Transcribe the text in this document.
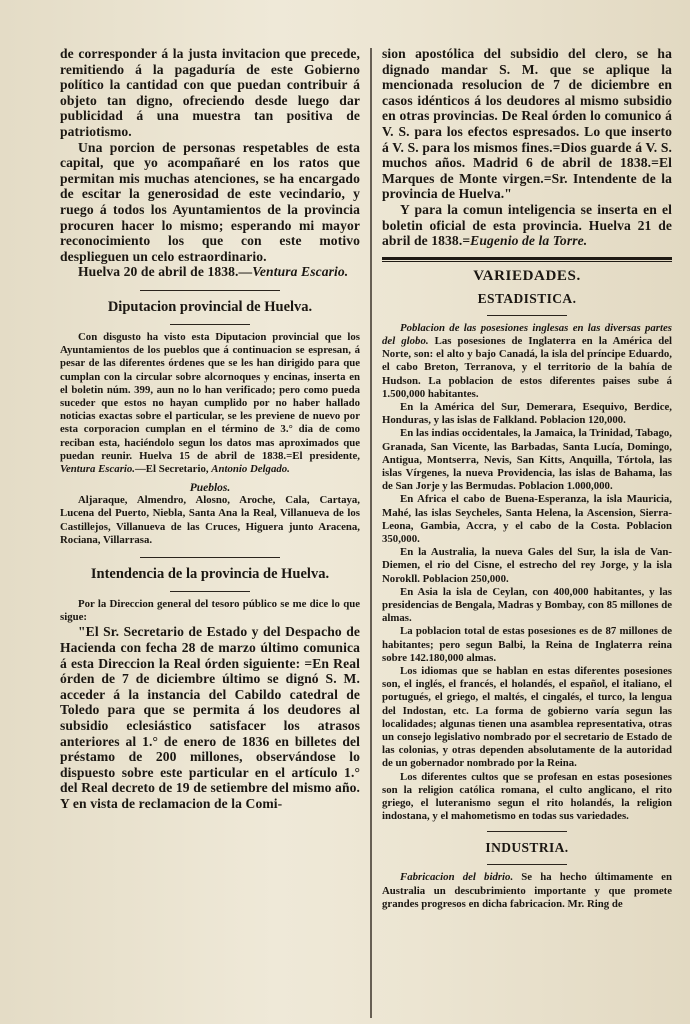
de corresponder á la justa invitacion que precede, remitiendo á la pagaduría de este Gobierno político la cantidad con que puedan contribuir á objeto tan digno, ofreciendo desde luego dar publicidad á una muestra tan positiva de patriotismo.

Una porcion de personas respetables de esta capital, que yo acompañaré en los ratos que permitan mis muchas atenciones, se ha encargado de escitar la generosidad de este vecindario, y ruego á todos los Ayuntamientos de la provincia procuren hacer lo mismo; esperando mi mayor reconocimiento los que con este motivo desplieguen un celo estraordinario.

Huelva 20 de abril de 1838.—Ventura Escario.

Diputacion provincial de Huelva.

Con disgusto ha visto esta Diputacion provincial que los Ayuntamientos de los pueblos que á continuacion se espresan, á pesar de las diferentes órdenes que se les han dirigido para que cumplan con la circular sobre alcornoques y encinas, inserta en el boletin núm. 399, aun no lo han verificado; pero como pueda suceder que estos no hayan cumplido por no haber hallado noticias exactas sobre el particular, se les previene de nuevo por esta corporacion cumplan en el término de 3.° dia de como reciban esta, haciéndolo segun los datos mas aproximados que puedan reunir. Huelva 15 de abril de 1838.=El presidente, Ventura Escario.—El Secretario, Antonio Delgado.

Pueblos.

Aljaraque, Almendro, Alosno, Aroche, Cala, Cartaya, Lucena del Puerto, Niebla, Santa Ana la Real, Villanueva de los Castillejos, Villanueva de las Cruces, Higuera junto Aracena, Rociana, Villarrasa.

Intendencia de la provincia de Huelva.

Por la Direccion general del tesoro público se me dice lo que sigue:

"El Sr. Secretario de Estado y del Despacho de Hacienda con fecha 28 de marzo último comunica á esta Direccion la Real órden siguiente: =En Real órden de 7 de diciembre último se dignó S. M. acceder á la instancia del Cabildo catedral de Toledo para que se permita á los deudores al subsidio eclesiástico satisfacer los atrasos anteriores al 1.° de enero de 1836 en billetes del préstamo de 200 millones, observándose lo dispuesto sobre este particular en el artículo 1.° del Real decreto de 19 de setiembre del mismo año. Y en vista de reclamacion de la Comi-

sion apostólica del subsidio del clero, se ha dignado mandar S. M. que se aplique la mencionada resolucion de 7 de diciembre en casos idénticos á los deudores al mismo subsidio en otras provincias. De Real órden lo comunico á V. S. para los efectos espresados. Lo que inserto á V. S. para los mismos fines.=Dios guarde á V. S. muchos años. Madrid 6 de abril de 1838.=El Marques de Monte virgen.=Sr. Intendente de la provincia de Huelva."

Y para la comun inteligencia se inserta en el boletin oficial de esta provincia. Huelva 21 de abril de 1838.=Eugenio de la Torre.

VARIEDADES.

ESTADISTICA.

Poblacion de las posesiones inglesas en las diversas partes del globo. Las posesiones de Inglaterra en la América del Norte, son: el alto y bajo Canadá, la isla del príncipe Eduardo, el cabo Breton, Terranova, y el territorio de la bahía de Hudson. La poblacion de estos diferentes paises sube á 1.500,000 habitantes.

En la América del Sur, Demerara, Esequivo, Berdice, Honduras, y las islas de Falkland. Poblacion 120,000.

En las indias occidentales, la Jamaica, la Trinidad, Tabago, Granada, San Vicente, las Barbadas, Santa Lucía, Domingo, Antigua, Montserra, Nevis, San Kitts, Anquilla, Tórtola, las islas Vírgenes, la nueva Providencia, las islas de Bahama, las de San Jorje y las Bermudas. Poblacion 1.000,000.

En Africa el cabo de Buena-Esperanza, la isla Mauricia, Mahé, las islas Seycheles, Santa Helena, la Ascension, Sierra-Leona, Gambia, Accra, y el cabo de la Costa. Poblacion 350,000.

En la Australia, la nueva Gales del Sur, la isla de Van-Diemen, el rio del Cisne, el estrecho del rey Jorge, y la isla Norokll. Poblacion 250,000.

En Asia la isla de Ceylan, con 400,000 habitantes, y las presidencias de Bengala, Madras y Bombay, con 85 millones de almas.

La poblacion total de estas posesiones es de 87 millones de habitantes; pero segun Balbi, la Reina de Inglaterra reina sobre 142.180,000 almas.

Los idiomas que se hablan en estas diferentes posesiones son, el inglés, el francés, el holandés, el español, el italiano, el portugués, el griego, el maltés, el cingalés, el turco, la lengua del Indostan, etc. La forma de gobierno varía segun las localidades; algunas tienen una asamblea representativa, otras un consejo legislativo nombrado por el secretario de Estado de las colonias, y otras dependen absolutamente de la autoridad de un gobernador nombrado por la Reina.

Los diferentes cultos que se profesan en estas posesiones son la religion católica romana, el culto anglicano, el rito griego, el luteranismo segun el rito holandés, la religion indostana, y el mahometismo en todas sus variedades.

INDUSTRIA.

Fabricacion del bidrio. Se ha hecho últimamente en Australia un descubrimiento importante y que promete grandes progresos en dicha fabricacion. Mr. Ring de
